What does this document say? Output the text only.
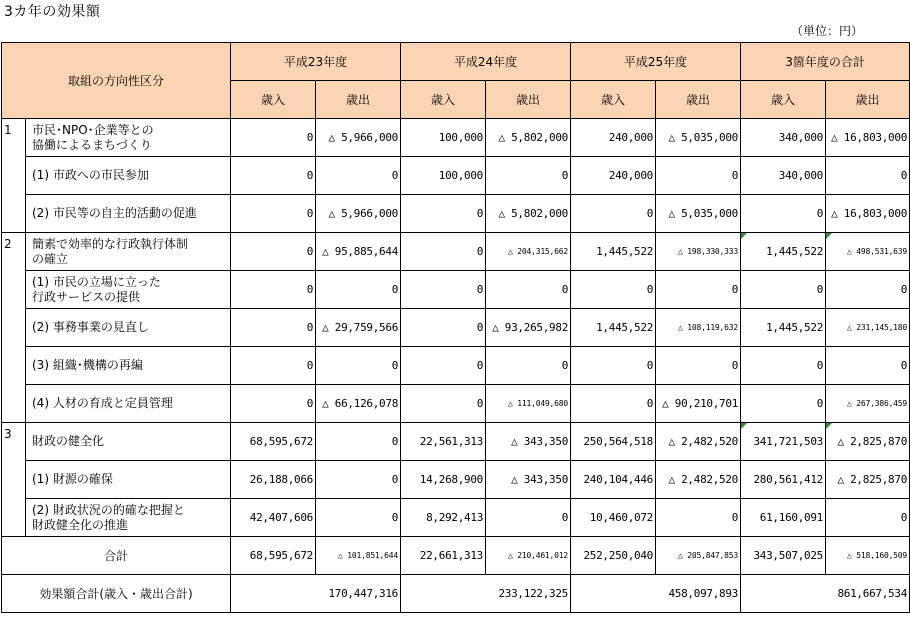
3カ年の効果額
（単位：円）
取組の方向性区分		平成23年度		平成24年度		平成25年度		3箇年度の合計	
		歳入	歳出	歳入	歳出	歳入	歳出	歳入	歳出
1	市民･NPO･企業等との
協働によるまちづくり	0	△ 5,966,000	100,000	△ 5,802,000	240,000	△ 5,035,000	340,000	△ 16,803,000
	(1) 市政への市民参加	0	0	100,000	0	240,000	0	340,000	0
	(2) 市民等の自主的活動の促進	0	△ 5,966,000	0	△ 5,802,000	0	△ 5,035,000	0	△ 16,803,000
2	簡素で効率的な行政執行体制
の確立	0	△ 95,885,644	0	△ 204,315,662	1,445,522	△ 198,330,333	1,445,522	△ 498,531,639
	(1) 市民の立場に立った
行政サービスの提供	0	0	0	0	0	0	0	0
	(2) 事務事業の見直し	0	△ 29,759,566	0	△ 93,265,982	1,445,522	△ 108,119,632	1,445,522	△ 231,145,180
	(3) 組織･機構の再編	0	0	0	0	0	0	0	0
	(4) 人材の育成と定員管理	0	△ 66,126,078	0	△ 111,049,680	0	△ 90,210,701	0	△ 267,386,459
3	財政の健全化	68,595,672	0	22,561,313	△ 343,350	250,564,518	△ 2,482,520	341,721,503	△ 2,825,870
	(1) 財源の確保	26,188,066	0	14,268,900	△ 343,350	240,104,446	△ 2,482,520	280,561,412	△ 2,825,870
	(2) 財政状況の的確な把握と
財政健全化の推進	42,407,606	0	8,292,413	0	10,460,072	0	61,160,091	0
合計		68,595,672	△ 101,851,644	22,661,313	△ 210,461,012	252,250,040	△ 205,847,853	343,507,025	△ 518,160,509
効果額合計(歳入・歳出合計)		170,447,316		233,122,325		458,097,893		861,667,534	
